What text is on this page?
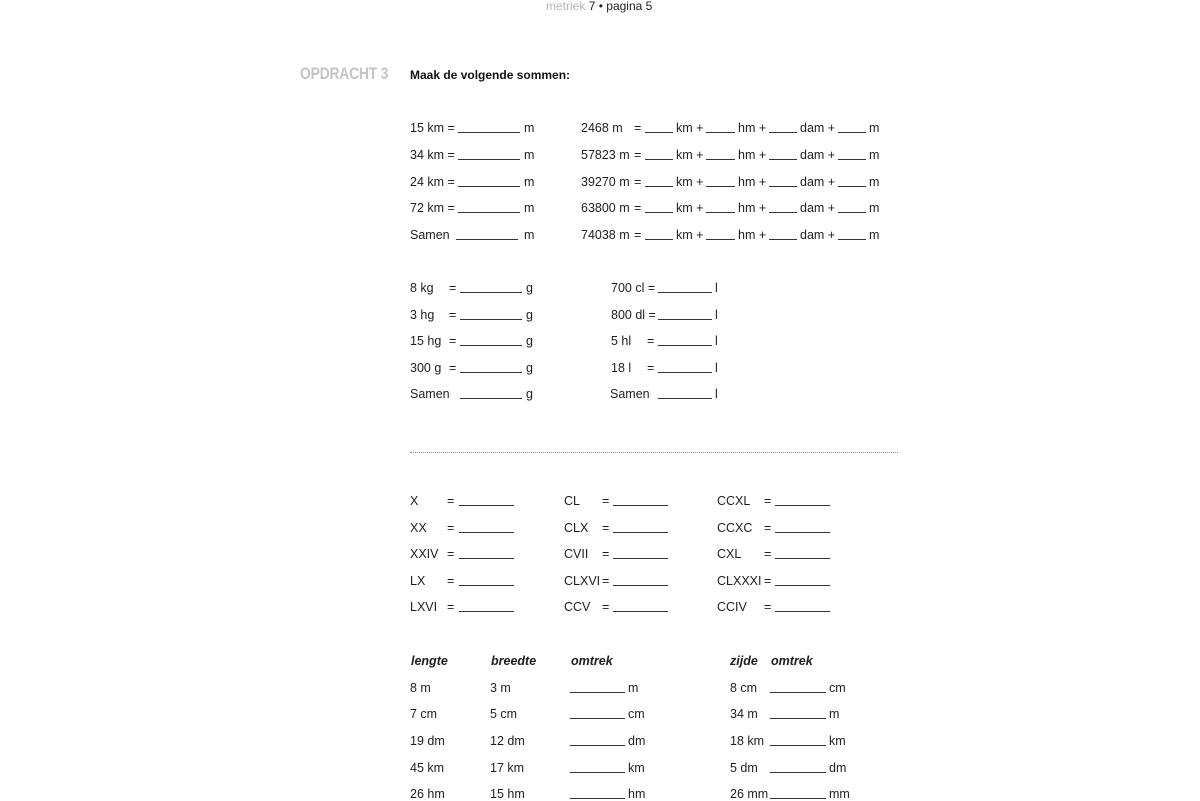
metriek 7 • pagina 5
OPDRACHT 3 Maak de volgende sommen:
15 km =	m
34 km =	m
24 km =	m
72 km =	m
Samen	m
2468 m =	km +	hm +	dam +	m
57823 m =	km +	hm +	dam +	m
39270 m =	km +	hm +	dam +	m
63800 m =	km +	hm +	dam +	m
74038 m =	km +	hm +	dam +	m
8 kg =	g
3 hg =	g
15 hg =	g
300 g =	g
Samen	g
700 cl =	l
800 dl =	l
5 hl =	l
18 l =	l
Samen	l
X =
XX =
XXIV =
LX =
LXVI =
CL =
CLX =
CVII =
CLXVI =
CCV =
CCXL =
CCXC =
CXL =
CLXXXI =
CCIV =
lengte	breedte	omtrek	zijde omtrek
8 m	3 m	m
7 cm	5 cm	cm
19 dm	12 dm	dm
45 km	17 km	km
26 hm	15 hm	hm
8 cm	cm
34 m	m
18 km	km
5 dm	dm
26 mm	mm
